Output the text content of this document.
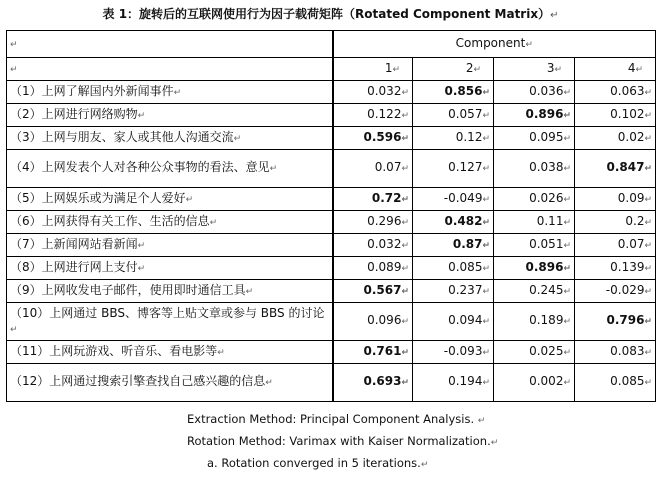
表 1：旋转后的互联网使用行为因子载荷矩阵（Rotated Component Matrix）↵
↵	Component↵			
↵	1↵	2↵	3↵	4↵
（1）上网了解国内外新闻事件↵	0.032↵	0.856↵	0.036↵	0.063↵
（2）上网进行网络购物↵	0.122↵	0.057↵	0.896↵	0.102↵
（3）上网与朋友、家人或其他人沟通交流↵	0.596↵	0.12↵	0.095↵	0.02↵
（4）上网发表个人对各种公众事物的看法、意见↵	0.07↵	0.127↵	0.038↵	0.847↵
（5）上网娱乐或为满足个人爱好↵	0.72↵	-0.049↵	0.026↵	0.09↵
（6）上网获得有关工作、生活的信息↵	0.296↵	0.482↵	0.11↵	0.2↵
（7）上新闻网站看新闻↵	0.032↵	0.87↵	0.051↵	0.07↵
（8）上网进行网上支付↵	0.089↵	0.085↵	0.896↵	0.139↵
（9）上网收发电子邮件，使用即时通信工具↵	0.567↵	0.237↵	0.245↵	-0.029↵
（10）上网通过 BBS、博客等上贴文章或参与 BBS 的讨论↵	0.096↵	0.094↵	0.189↵	0.796↵
（11）上网玩游戏、听音乐、看电影等↵	0.761↵	-0.093↵	0.025↵	0.083↵
（12）上网通过搜索引擎查找自己感兴趣的信息↵	0.693↵	0.194↵	0.002↵	0.085↵
Extraction Method: Principal Component Analysis. ↵
Rotation Method: Varimax with Kaiser Normalization.↵
a. Rotation converged in 5 iterations.↵
